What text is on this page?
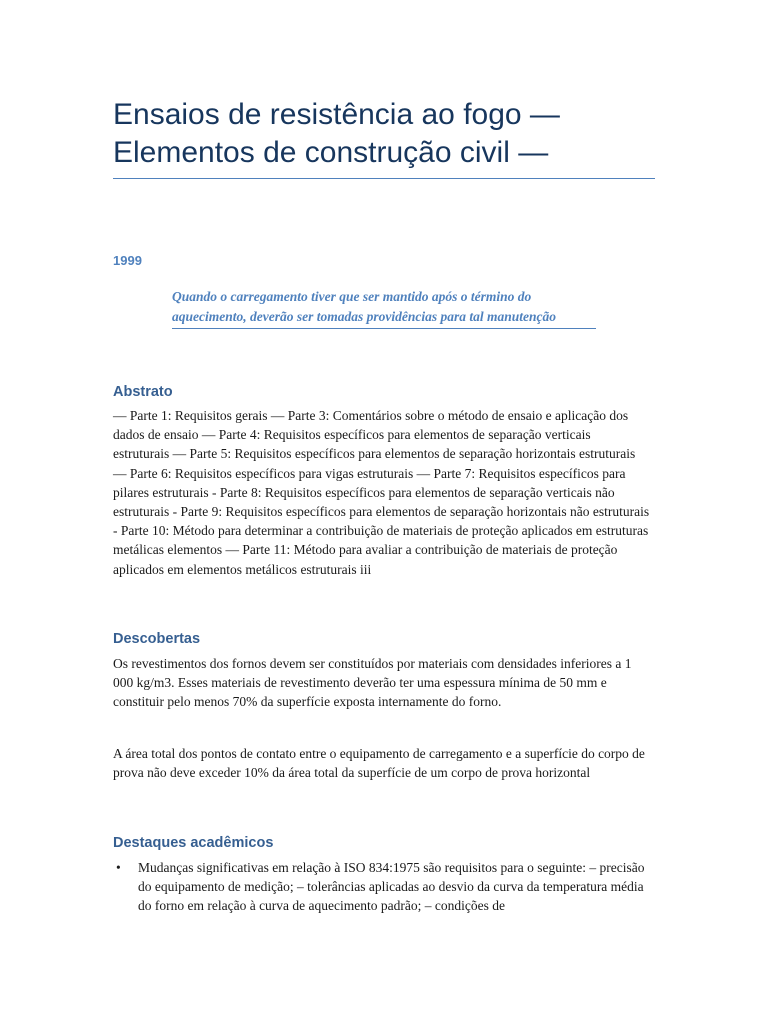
Ensaios de resistência ao fogo —
Elementos de construção civil —
1999
Quando o carregamento tiver que ser mantido após o término do aquecimento, deverão ser tomadas providências para tal manutenção
Abstrato

— Parte 1: Requisitos gerais — Parte 3: Comentários sobre o método de ensaio e aplicação dos dados de ensaio — Parte 4: Requisitos específicos para elementos de separação verticais estruturais — Parte 5: Requisitos específicos para elementos de separação horizontais estruturais — Parte 6: Requisitos específicos para vigas estruturais — Parte 7: Requisitos específicos para pilares estruturais - Parte 8: Requisitos específicos para elementos de separação verticais não estruturais - Parte 9: Requisitos específicos para elementos de separação horizontais não estruturais - Parte 10: Método para determinar a contribuição de materiais de proteção aplicados em estruturas metálicas elementos — Parte 11: Método para avaliar a contribuição de materiais de proteção aplicados em elementos metálicos estruturais iii

Descobertas

Os revestimentos dos fornos devem ser constituídos por materiais com densidades inferiores a 1 000 kg/m3. Esses materiais de revestimento deverão ter uma espessura mínima de 50 mm e constituir pelo menos 70% da superfície exposta internamente do forno.

A área total dos pontos de contato entre o equipamento de carregamento e a superfície do corpo de prova não deve exceder 10% da área total da superfície de um corpo de prova horizontal

Destaques acadêmicos
• Mudanças significativas em relação à ISO 834:1975 são requisitos para o seguinte: – precisão do equipamento de medição; – tolerâncias aplicadas ao desvio da curva da temperatura média do forno em relação à curva de aquecimento padrão; – condições de
